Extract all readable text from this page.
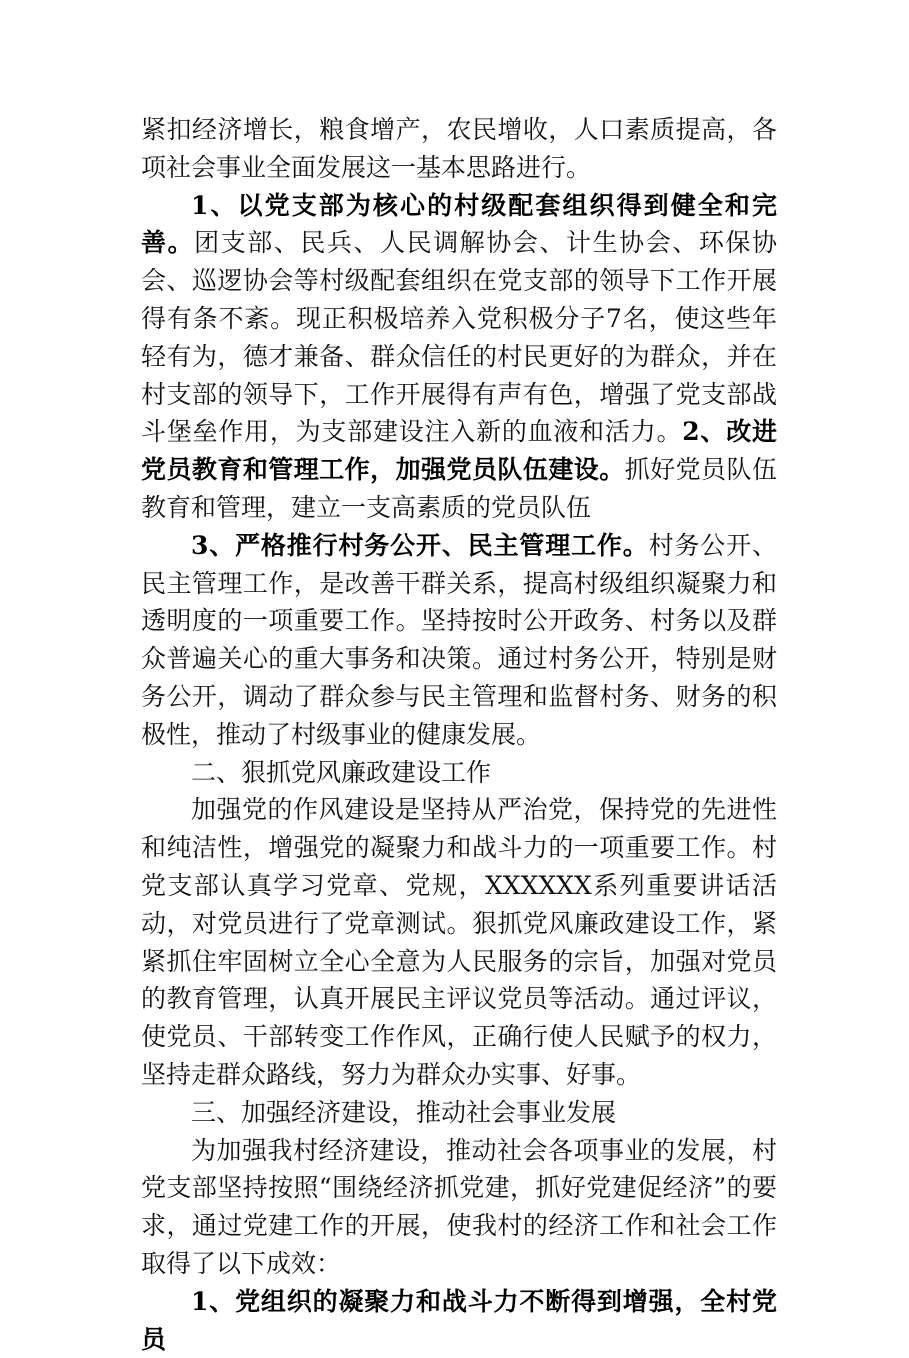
紧扣经济增长，粮食增产，农民增收，人口素质提高，各项社会事业全面发展这一基本思路进行。

1、以党支部为核心的村级配套组织得到健全和完善。团支部、民兵、人民调解协会、计生协会、环保协会、巡逻协会等村级配套组织在党支部的领导下工作开展得有条不紊。现正积极培养入党积极分子7名，使这些年轻有为，德才兼备、群众信任的村民更好的为群众，并在村支部的领导下，工作开展得有声有色，增强了党支部战斗堡垒作用，为支部建设注入新的血液和活力。2、改进党员教育和管理工作，加强党员队伍建设。抓好党员队伍教育和管理，建立一支高素质的党员队伍

3、严格推行村务公开、民主管理工作。村务公开、民主管理工作，是改善干群关系，提高村级组织凝聚力和透明度的一项重要工作。坚持按时公开政务、村务以及群众普遍关心的重大事务和决策。通过村务公开，特别是财务公开，调动了群众参与民主管理和监督村务、财务的积极性，推动了村级事业的健康发展。

二、狠抓党风廉政建设工作

加强党的作风建设是坚持从严治党，保持党的先进性和纯洁性，增强党的凝聚力和战斗力的一项重要工作。村党支部认真学习党章、党规，XXXXXX系列重要讲话活动，对党员进行了党章测试。狠抓党风廉政建设工作，紧紧抓住牢固树立全心全意为人民服务的宗旨，加强对党员的教育管理，认真开展民主评议党员等活动。通过评议，使党员、干部转变工作作风，正确行使人民赋予的权力，坚持走群众路线，努力为群众办实事、好事。

三、加强经济建设，推动社会事业发展

为加强我村经济建设，推动社会各项事业的发展，村党支部坚持按照“围绕经济抓党建，抓好党建促经济”的要求，通过党建工作的开展，使我村的经济工作和社会工作取得了以下成效：

1、党组织的凝聚力和战斗力不断得到增强，全村党员
